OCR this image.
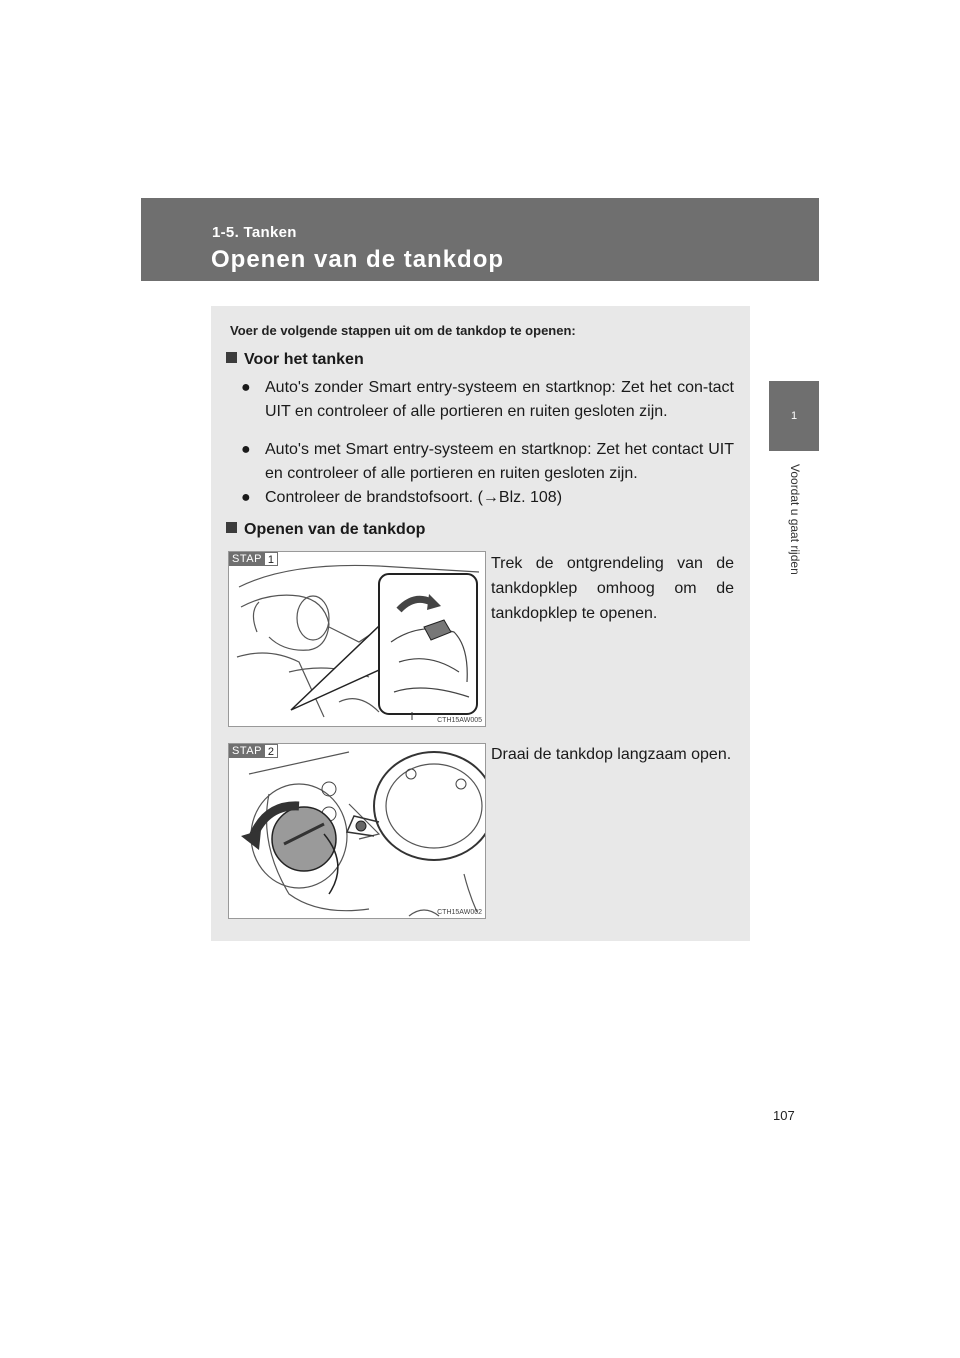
1-5. Tanken
Openen van de tankdop
1
Voordat u gaat rijden
Voer de volgende stappen uit om de tankdop te openen:
Voor het tanken
● Auto's zonder Smart entry-systeem en startknop: Zet het con-tact UIT en controleer of alle portieren en ruiten gesloten zijn.
● Auto's met Smart entry-systeem en startknop: Zet het contact UIT en controleer of alle portieren en ruiten gesloten zijn.
● Controleer de brandstofsoort. (→Blz. 108)
Openen van de tankdop
STAP 1
CTH15AW005
Trek de ontgrendeling van de tankdopklep omhoog om de tankdopklep te openen.
STAP 2
CTH15AW002
Draai de tankdop langzaam open.
107
